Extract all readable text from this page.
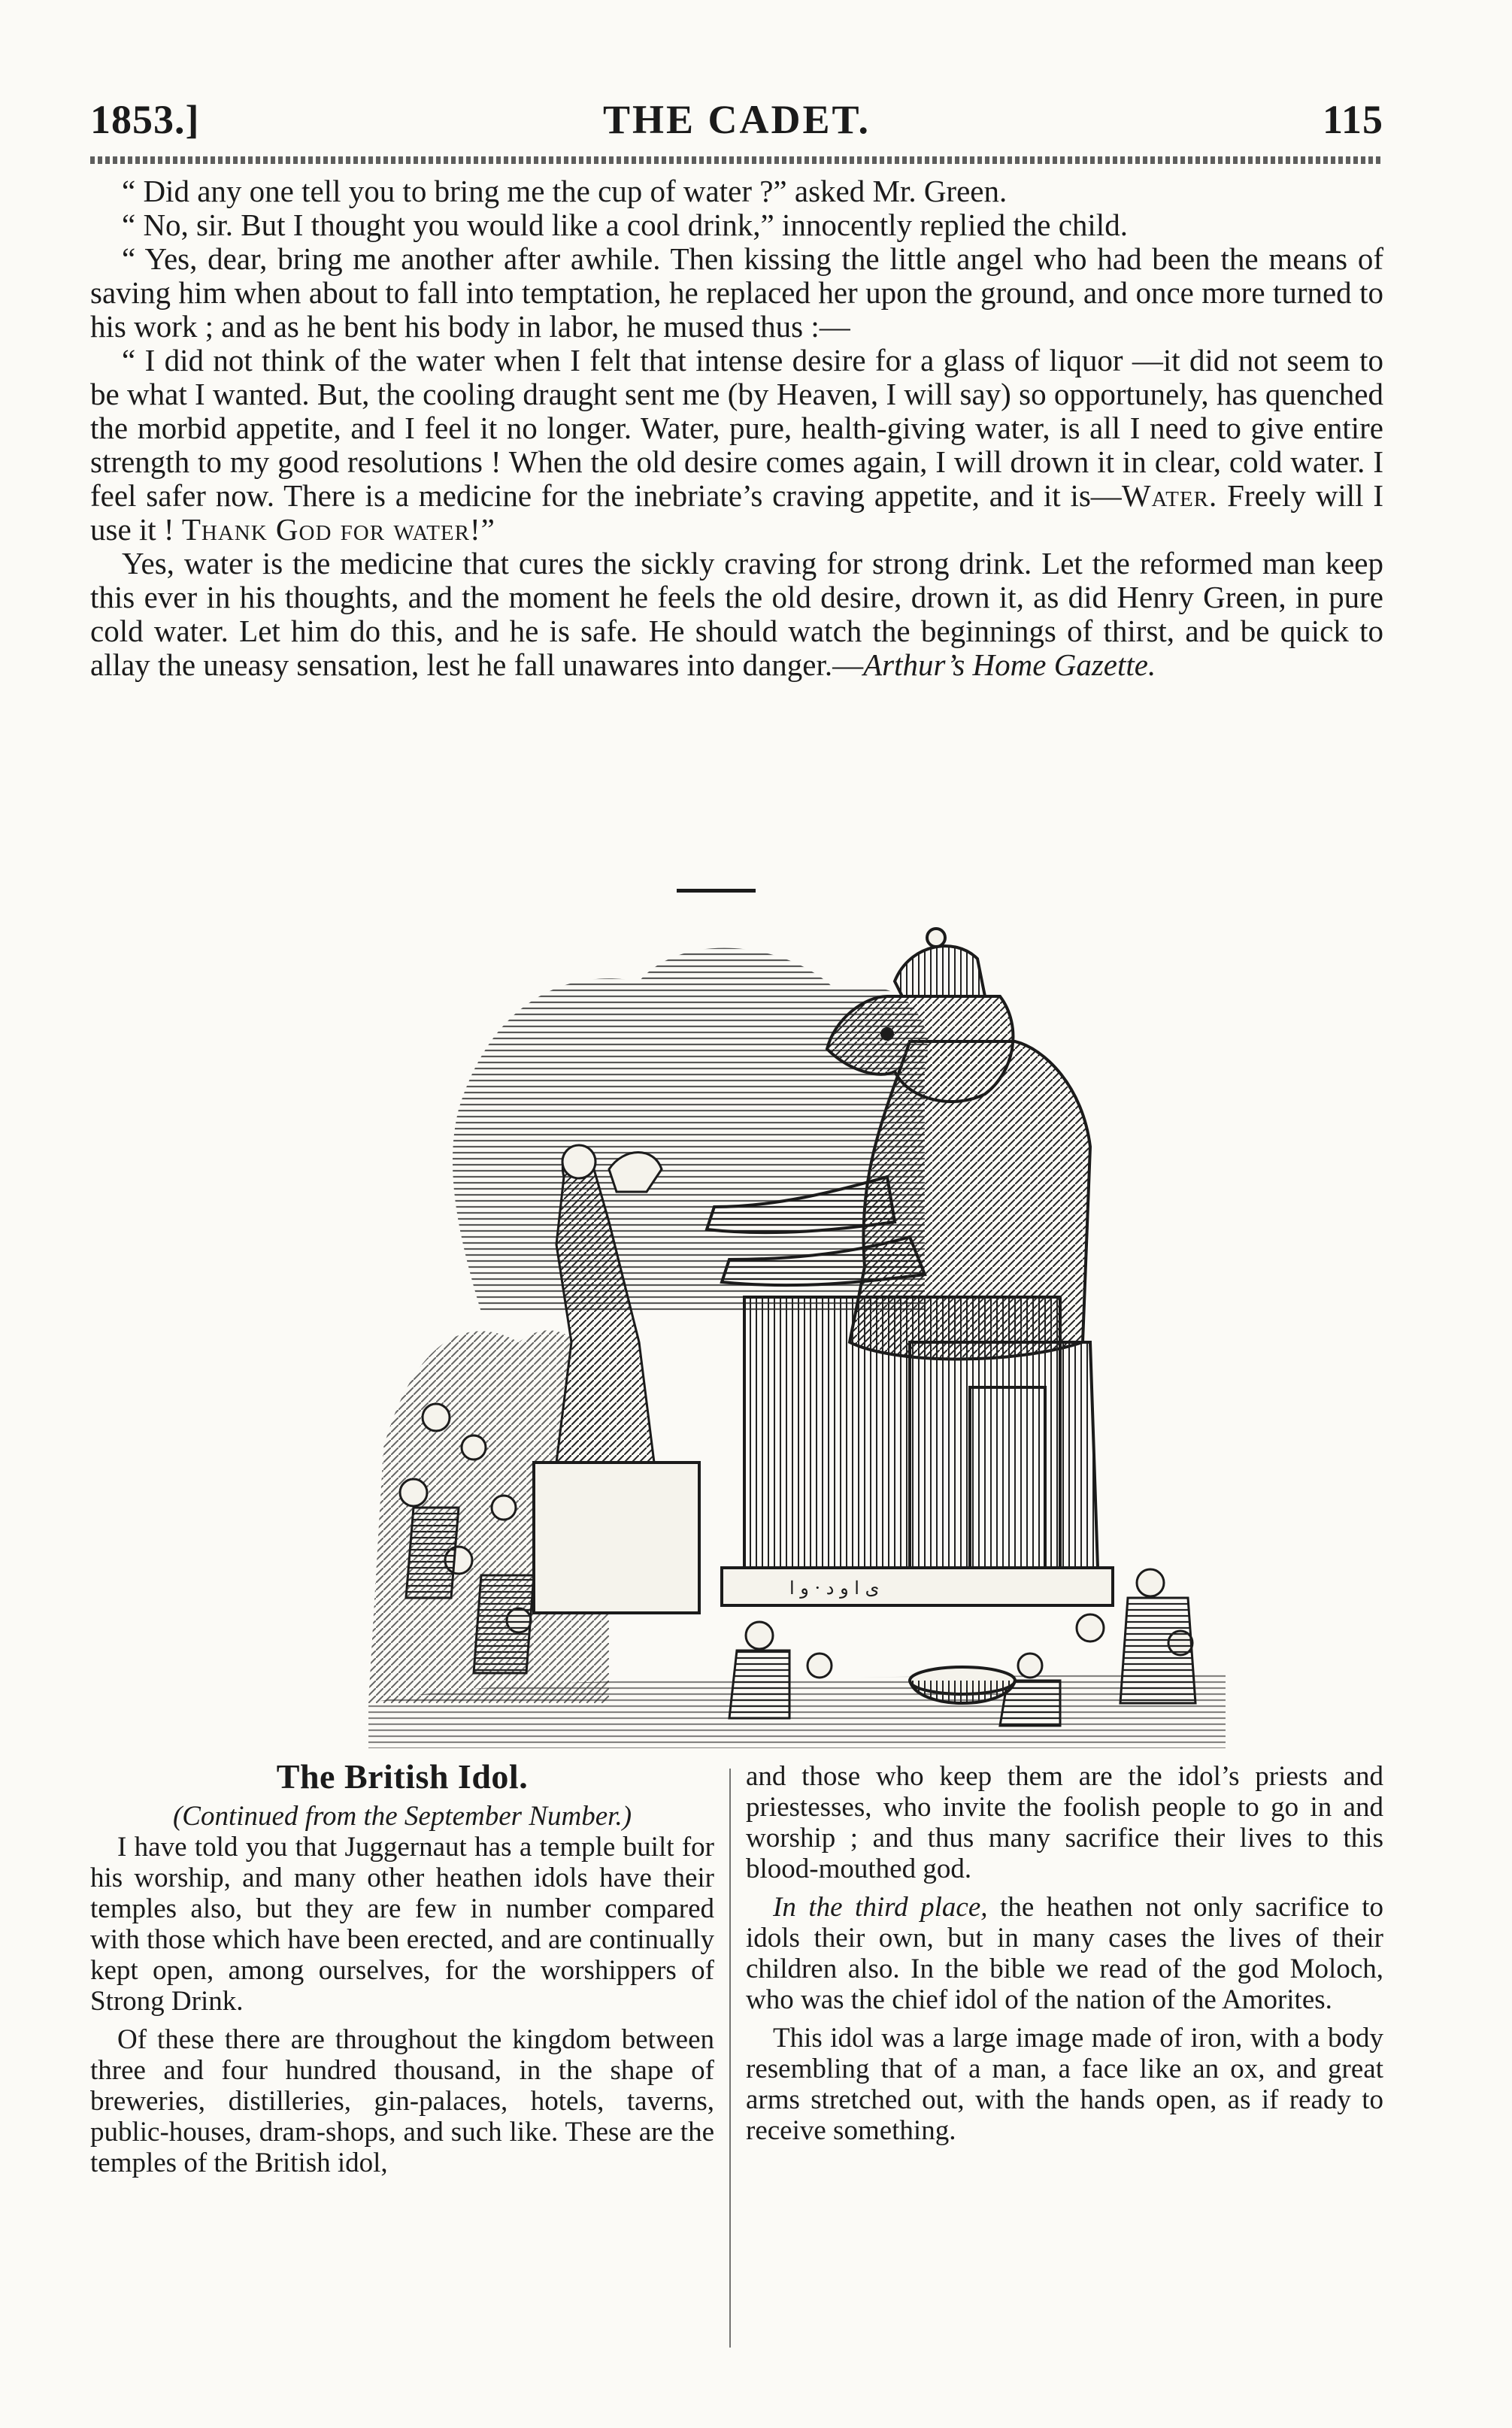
1853.]	THE CADET.	115

“ Did any one tell you to bring me the cup of water ?” asked Mr. Green.

“ No, sir. But I thought you would like a cool drink,” innocently replied the child.

“ Yes, dear, bring me another after awhile. Then kissing the little angel who had been the means of saving him when about to fall into temptation, he replaced her upon the ground, and once more turned to his work ; and as he bent his body in labor, he mused thus :—

“ I did not think of the water when I felt that intense desire for a glass of liquor —it did not seem to be what I wanted. But, the cooling draught sent me (by Heaven, I will say) so opportunely, has quenched the morbid appetite, and I feel it no longer. Water, pure, health-giving water, is all I need to give entire strength to my good resolutions ! When the old desire comes again, I will drown it in clear, cold water. I feel safer now. There is a medicine for the inebriate’s craving appetite, and it is—Water. Freely will I use it ! Thank God for water!”

Yes, water is the medicine that cures the sickly craving for strong drink. Let the reformed man keep this ever in his thoughts, and the moment he feels the old desire, drown it, as did Henry Green, in pure cold water. Let him do this, and he is safe. He should watch the beginnings of thirst, and be quick to allay the uneasy sensation, lest he fall unawares into danger.—Arthur’s Home Gazette.

ﻯ ﺍ ﻭ ﺩ · ﻭ ﺍ
The British Idol.

(Continued from the September Number.)

I have told you that Juggernaut has a temple built for his worship, and many other heathen idols have their temples also, but they are few in number compared with those which have been erected, and are continually kept open, among ourselves, for the worshippers of Strong Drink.

Of these there are throughout the kingdom between three and four hundred thousand, in the shape of breweries, distilleries, gin-palaces, hotels, taverns, public-houses, dram-shops, and such like. These are the temples of the British idol,

and those who keep them are the idol’s priests and priestesses, who invite the foolish people to go in and worship ; and thus many sacrifice their lives to this blood-mouthed god.

In the third place, the heathen not only sacrifice to idols their own, but in many cases the lives of their children also. In the bible we read of the god Moloch, who was the chief idol of the nation of the Amorites.

This idol was a large image made of iron, with a body resembling that of a man, a face like an ox, and great arms stretched out, with the hands open, as if ready to receive something.
